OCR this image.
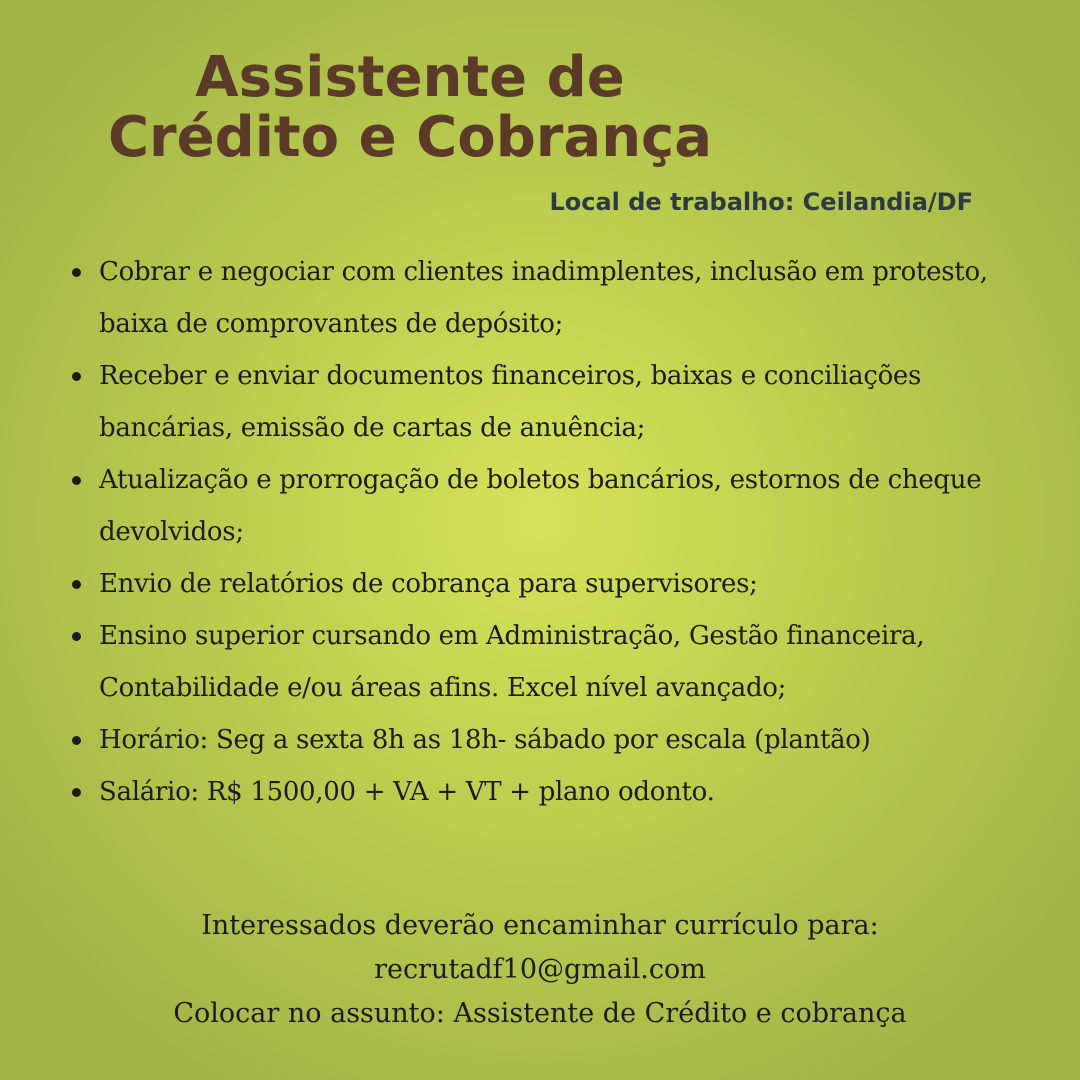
Assistente de
Crédito e Cobrança
Local de trabalho: Ceilandia/DF
Cobrar e negociar com clientes inadimplentes, inclusão em protesto, baixa de comprovantes de depósito;
Receber e enviar documentos financeiros, baixas e conciliações bancárias, emissão de cartas de anuência;
Atualização e prorrogação de boletos bancários, estornos de cheque devolvidos;
Envio de relatórios de cobrança para supervisores;
Ensino superior cursando em Administração, Gestão financeira, Contabilidade e/ou áreas afins. Excel nível avançado;
Horário: Seg a sexta 8h as 18h- sábado por escala (plantão)
Salário: R$ 1500,00 + VA + VT + plano odonto.
Interessados deverão encaminhar currículo para:
recrutadf10@gmail.com
Colocar no assunto: Assistente de Crédito e cobrança
